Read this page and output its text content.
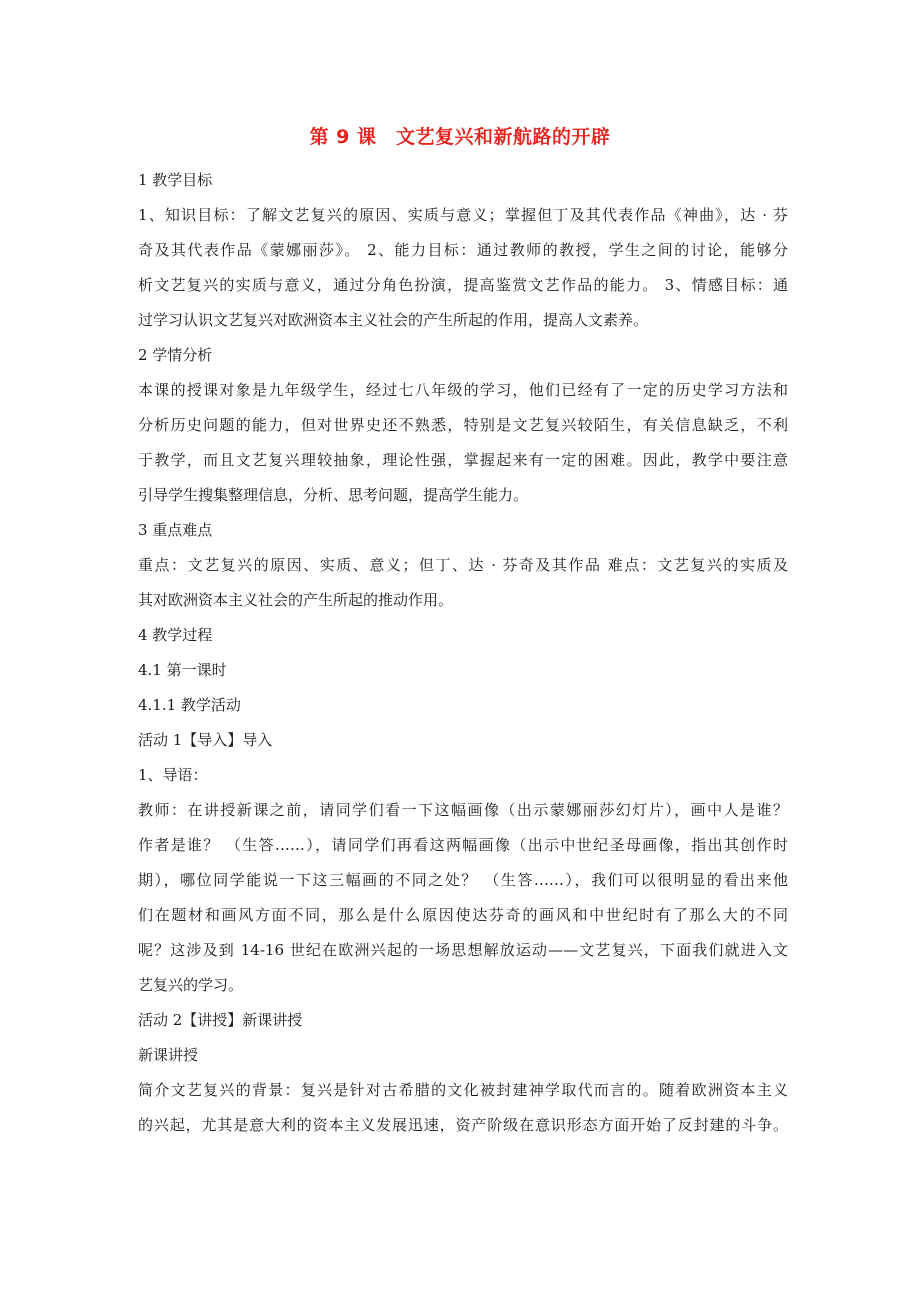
第 9 课　文艺复兴和新航路的开辟
1 教学目标
1、知识目标：了解文艺复兴的原因、实质与意义；掌握但丁及其代表作品《神曲》，达 · 芬
奇及其代表作品《蒙娜丽莎》。 2、能力目标：通过教师的教授，学生之间的讨论，能够分
析文艺复兴的实质与意义，通过分角色扮演，提高鉴赏文艺作品的能力。 3、情感目标：通
过学习认识文艺复兴对欧洲资本主义社会的产生所起的作用，提高人文素养。
2 学情分析
本课的授课对象是九年级学生，经过七八年级的学习，他们已经有了一定的历史学习方法和
分析历史问题的能力，但对世界史还不熟悉，特别是文艺复兴较陌生，有关信息缺乏，不利
于教学，而且文艺复兴理较抽象，理论性强，掌握起来有一定的困难。因此，教学中要注意
引导学生搜集整理信息，分析、思考问题，提高学生能力。
3 重点难点
重点：文艺复兴的原因、实质、意义；但丁、达 · 芬奇及其作品 难点：文艺复兴的实质及
其对欧洲资本主义社会的产生所起的推动作用。
4 教学过程
4.1 第一课时
4.1.1 教学活动
活动 1【导入】导入
1、导语：
教师：在讲授新课之前，请同学们看一下这幅画像（出示蒙娜丽莎幻灯片），画中人是谁？
作者是谁？ （生答……），请同学们再看这两幅画像（出示中世纪圣母画像，指出其创作时
期），哪位同学能说一下这三幅画的不同之处？ （生答……），我们可以很明显的看出来他
们在题材和画风方面不同，那么是什么原因使达芬奇的画风和中世纪时有了那么大的不同
呢？这涉及到 14-16 世纪在欧洲兴起的一场思想解放运动——文艺复兴，下面我们就进入文
艺复兴的学习。
活动 2【讲授】新课讲授
新课讲授
简介文艺复兴的背景：复兴是针对古希腊的文化被封建神学取代而言的。随着欧洲资本主义
的兴起，尤其是意大利的资本主义发展迅速，资产阶级在意识形态方面开始了反封建的斗争。
